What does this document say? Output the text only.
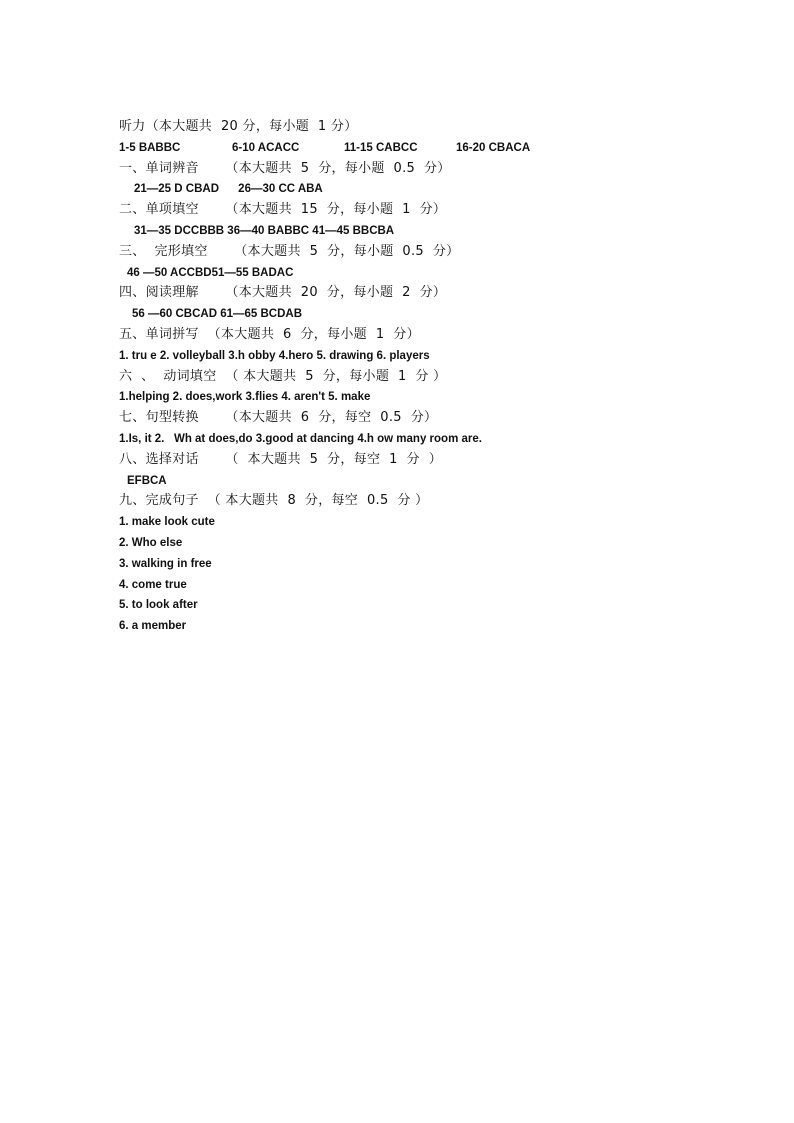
听力（本大题共  20 分，每小题  1 分）
1-5 BABBC	6-10 ACACC	11-15 CABCC	16-20 CBACA
一、单词辨音      （本大题共  5  分，每小题  0.5  分）
21—25 D CBAD      26—30 CC ABA
二、单项填空      （本大题共  15  分，每小题  1  分）
31—35 DCCBBB 36—40 BABBC 41—45 BBCBA
三、  完形填空      （本大题共  5  分，每小题  0.5  分）
46 —50 ACCBD51—55 BADAC
四、阅读理解      （本大题共  20  分，每小题  2  分）
56 —60 CBCAD 61—65 BCDAB
五、单词拼写  （本大题共  6  分，每小题  1  分）
1. tru e 2. volleyball 3.h obby 4.hero 5. drawing 6. players
六  、  动词填空  （ 本大题共  5  分，每小题  1  分 ）
1.helping 2. does,work 3.flies 4. aren't 5. make
七、句型转换      （本大题共  6  分，每空  0.5  分）
1.Is, it 2.   Wh at does,do 3.good at dancing 4.h ow many room are.
八、选择对话      （  本大题共  5  分，每空  1  分  ）
EFBCA
九、完成句子  （ 本大题共  8  分，每空  0.5  分 ）
1. make look cute
2. Who else
3. walking in free
4. come true
5. to look after
6. a member
